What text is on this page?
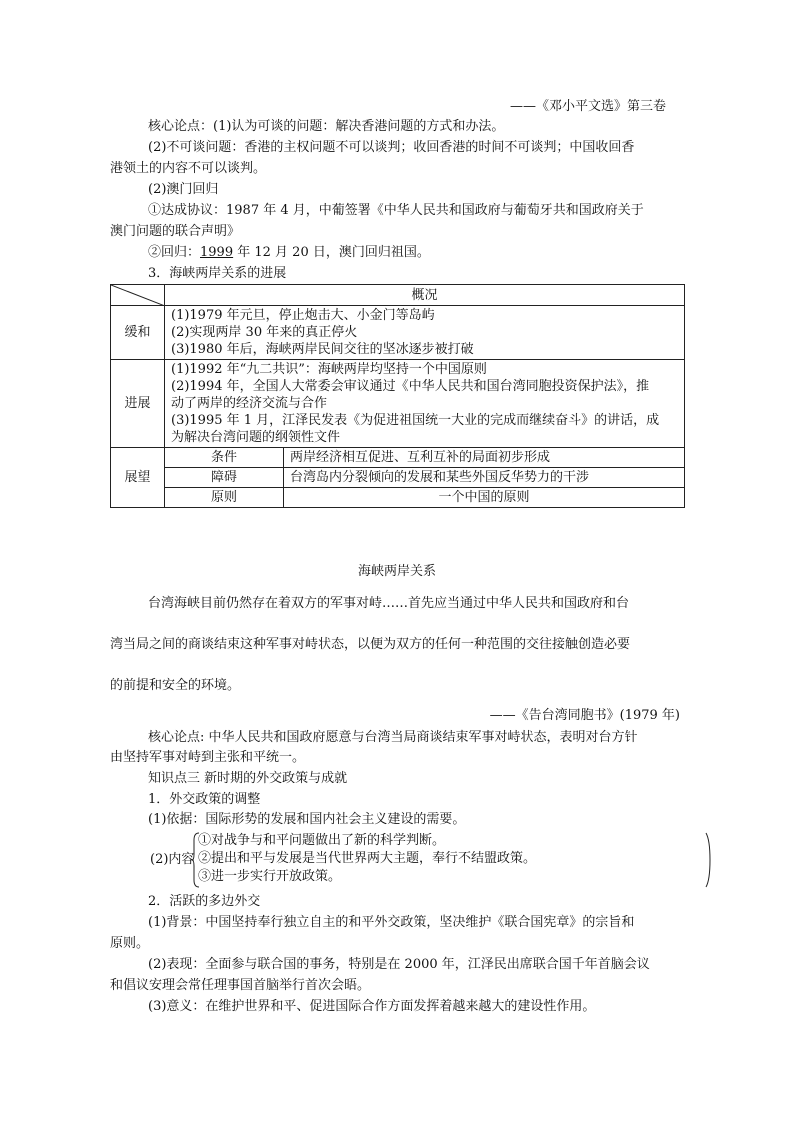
——《邓小平文选》第三卷
核心论点：(1)认为可谈的问题：解决香港问题的方式和办法。
(2)不可谈问题：香港的主权问题不可以谈判；收回香港的时间不可谈判；中国收回香
港领土的内容不可以谈判。
(2)澳门回归
①达成协议：1987 年 4 月，中葡签署《中华人民共和国政府与葡萄牙共和国政府关于
澳门问题的联合声明》
②回归：1999 年 12 月 20 日，澳门回归祖国。
3．海峡两岸关系的进展
	概况	
缓和	(1)1979 年元旦，停止炮击大、小金门等岛屿
(2)实现两岸 30 年来的真正停火
(3)1980 年后，海峡两岸民间交往的坚冰逐步被打破	

进展	(1)1992 年“九二共识”：海峡两岸均坚持一个中国原则
(2)1994 年，全国人大常委会审议通过《中华人民共和国台湾同胞投资保护法》，推
动了两岸的经济交流与合作
(3)1995 年 1 月，江泽民发表《为促进祖国统一大业的完成而继续奋斗》的讲话，成
为解决台湾问题的纲领性文件	

展望	条件	两岸经济相互促进、互利互补的局面初步形成
	障碍	台湾岛内分裂倾向的发展和某些外国反华势力的干涉
	原则	一个中国的原则
海峡两岸关系
台湾海峡目前仍然存在着双方的军事对峙……首先应当通过中华人民共和国政府和台
湾当局之间的商谈结束这种军事对峙状态，以便为双方的任何一种范围的交往接触创造必要
的前提和安全的环境。
——《告台湾同胞书》(1979 年)
核心论点: 中华人民共和国政府愿意与台湾当局商谈结束军事对峙状态，表明对台方针
由坚持军事对峙到主张和平统一。
知识点三 新时期的外交政策与成就
1．外交政策的调整
(1)依据：国际形势的发展和国内社会主义建设的需要。
(2)内容
①对战争与和平问题做出了新的科学判断。
②提出和平与发展是当代世界两大主题，奉行不结盟政策。
③进一步实行开放政策。
2．活跃的多边外交
(1)背景：中国坚持奉行独立自主的和平外交政策，坚决维护《联合国宪章》的宗旨和
原则。
(2)表现：全面参与联合国的事务，特别是在 2000 年，江泽民出席联合国千年首脑会议
和倡议安理会常任理事国首脑举行首次会晤。
(3)意义：在维护世界和平、促进国际合作方面发挥着越来越大的建设性作用。
